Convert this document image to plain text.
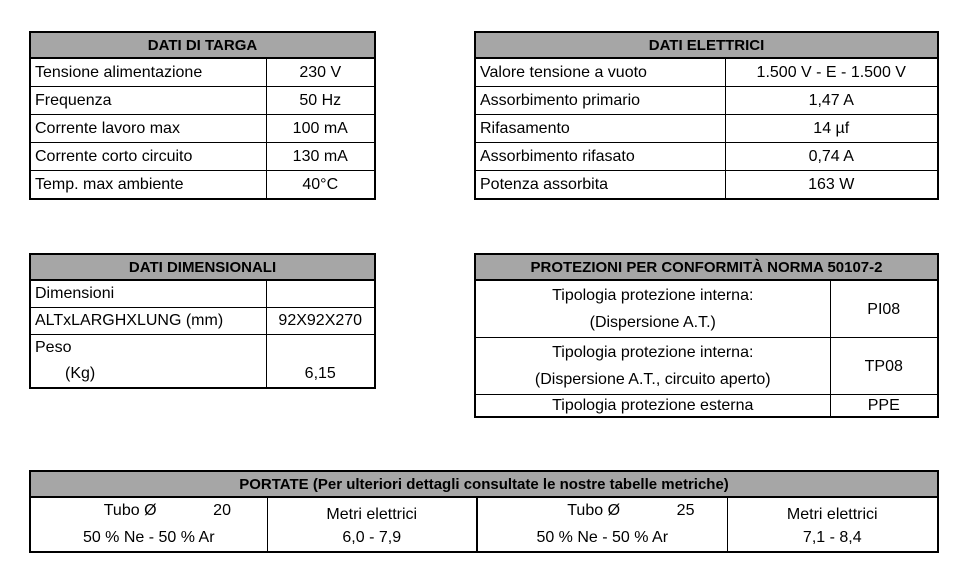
DATI DI TARGA	
Tensione alimentazione	230 V
Frequenza	50 Hz
Corrente lavoro max	100 mA
Corrente corto circuito	130 mA
Temp. max ambiente	40°C
DATI ELETTRICI	
Valore tensione a vuoto	1.500 V - E - 1.500 V
Assorbimento primario	1,47 A
Rifasamento	14 µf
Assorbimento rifasato	0,74 A
Potenza assorbita	163 W
DATI DIMENSIONALI	
Dimensioni	
ALTxLARGHXLUNG (mm)	92X92X270
Peso	
(Kg)	6,15
PROTEZIONI PER CONFORMITÀ NORMA 50107-2	

Tipologia protezione interna:
(Dispersione A.T.)	PI08

Tipologia protezione interna:
(Dispersione A.T., circuito aperto)	TP08
Tipologia protezione esterna	PPE
PORTATE (Per ulteriori dettagli consultate le nostre tabelle metriche)			
Tubo Ø 20	Metri elettrici	Tubo Ø 25	Metri elettrici
50 % Ne - 50 % Ar	6,0 - 7,9	50 % Ne - 50 % Ar	7,1 - 8,4
